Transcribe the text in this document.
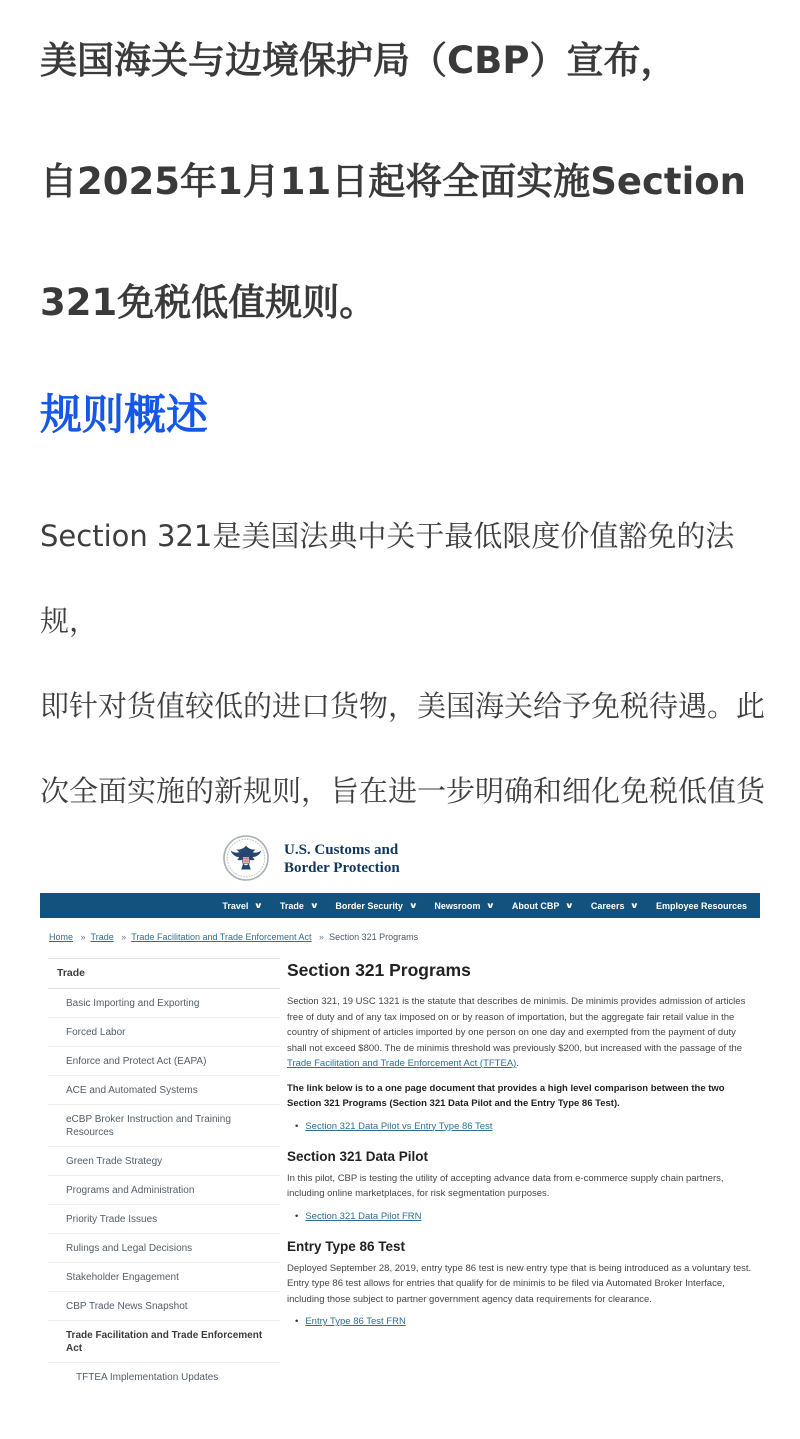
美国海关与边境保护局（CBP）宣布，
自2025年1月11日起将全面实施Section
321免税低值规则。
规则概述
Section 321是美国法典中关于最低限度价值豁免的法规，
即针对货值较低的进口货物，美国海关给予免税待遇。此
次全面实施的新规则，旨在进一步明确和细化免税低值货
U.S. Customs and
Border Protection
Travel ∨ Trade ∨ Border Security ∨ Newsroom ∨ About CBP ∨ Careers ∨ Employee Resources
Home » Trade » Trade Facilitation and Trade Enforcement Act » Section 321 Programs
Trade
Basic Importing and Exporting
Forced Labor
Enforce and Protect Act (EAPA)
ACE and Automated Systems
eCBP Broker Instruction and Training Resources
Green Trade Strategy
Programs and Administration
Priority Trade Issues
Rulings and Legal Decisions
Stakeholder Engagement
CBP Trade News Snapshot
Trade Facilitation and Trade Enforcement Act
TFTEA Implementation Updates
Section 321 Programs

Section 321, 19 USC 1321 is the statute that describes de minimis. De minimis provides admission of articles free of duty and of any tax imposed on or by reason of importation, but the aggregate fair retail value in the country of shipment of articles imported by one person on one day and exempted from the payment of duty shall not exceed $800. The de minimis threshold was previously $200, but increased with the passage of the Trade Facilitation and Trade Enforcement Act (TFTEA).

The link below is to a one page document that provides a high level comparison between the two Section 321 Programs (Section 321 Data Pilot and the Entry Type 86 Test).

• Section 321 Data Pilot vs Entry Type 86 Test
Section 321 Data Pilot

In this pilot, CBP is testing the utility of accepting advance data from e-commerce supply chain partners, including online marketplaces, for risk segmentation purposes.

• Section 321 Data Pilot FRN
Entry Type 86 Test

Deployed September 28, 2019, entry type 86 test is new entry type that is being introduced as a voluntary test. Entry type 86 test allows for entries that qualify for de minimis to be filed via Automated Broker Interface, including those subject to partner government agency data requirements for clearance.

• Entry Type 86 Test FRN
